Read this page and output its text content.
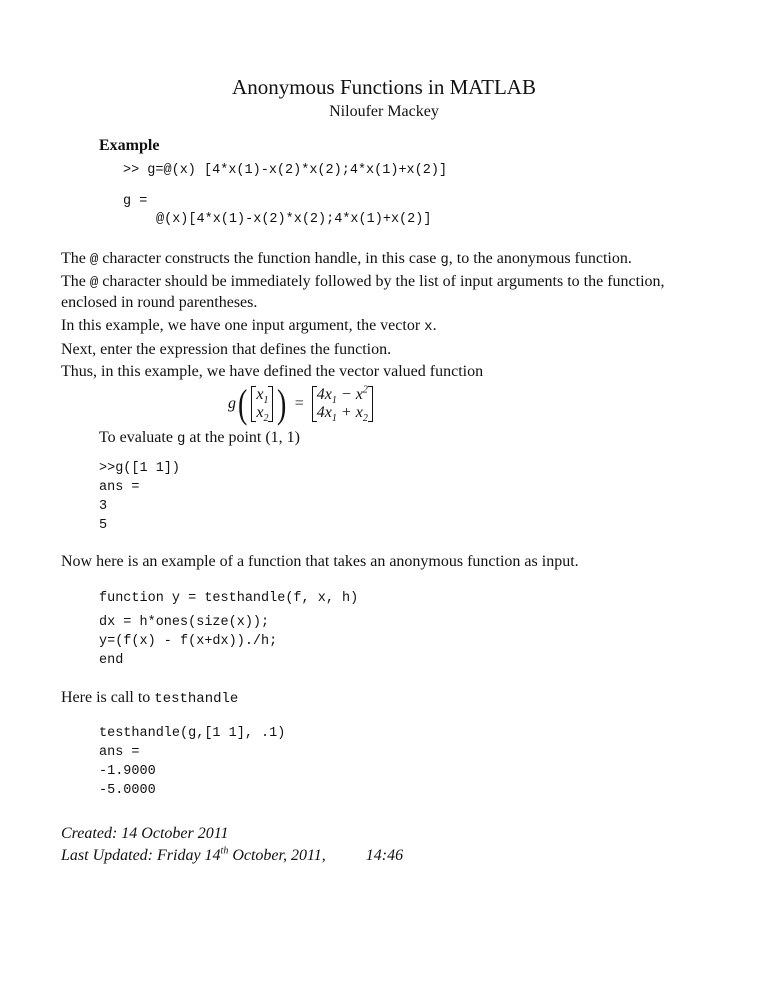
Anonymous Functions in MATLAB
Niloufer Mackey
Example
>> g=@(x) [4*x(1)-x(2)*x(2);4*x(1)+x(2)]
g =
@(x)[4*x(1)-x(2)*x(2);4*x(1)+x(2)]
The @ character constructs the function handle, in this case g, to the anonymous function.
The @ character should be immediately followed by the list of input arguments to the function,
enclosed in round parentheses.
In this example, we have one input argument, the vector x.
Next, enter the expression that defines the function.
Thus, in this example, we have defined the vector valued function
g ( $x_1$
$x_2$ ) =
$4x_1 - x^2$
$4x_1 + x_2$
To evaluate g at the point (1, 1)
>>g([1 1])
ans =
3
5
Now here is an example of a function that takes an anonymous function as input.
function y = testhandle(f, x, h)
dx = h*ones(size(x));
y=(f(x) - f(x+dx))./h;
end
Here is call to testhandle
testhandle(g,[1 1], .1)
ans =
-1.9000
-5.0000
Created: 14 October 2011
Last Updated: Friday 14th October, 2011,	14:46
